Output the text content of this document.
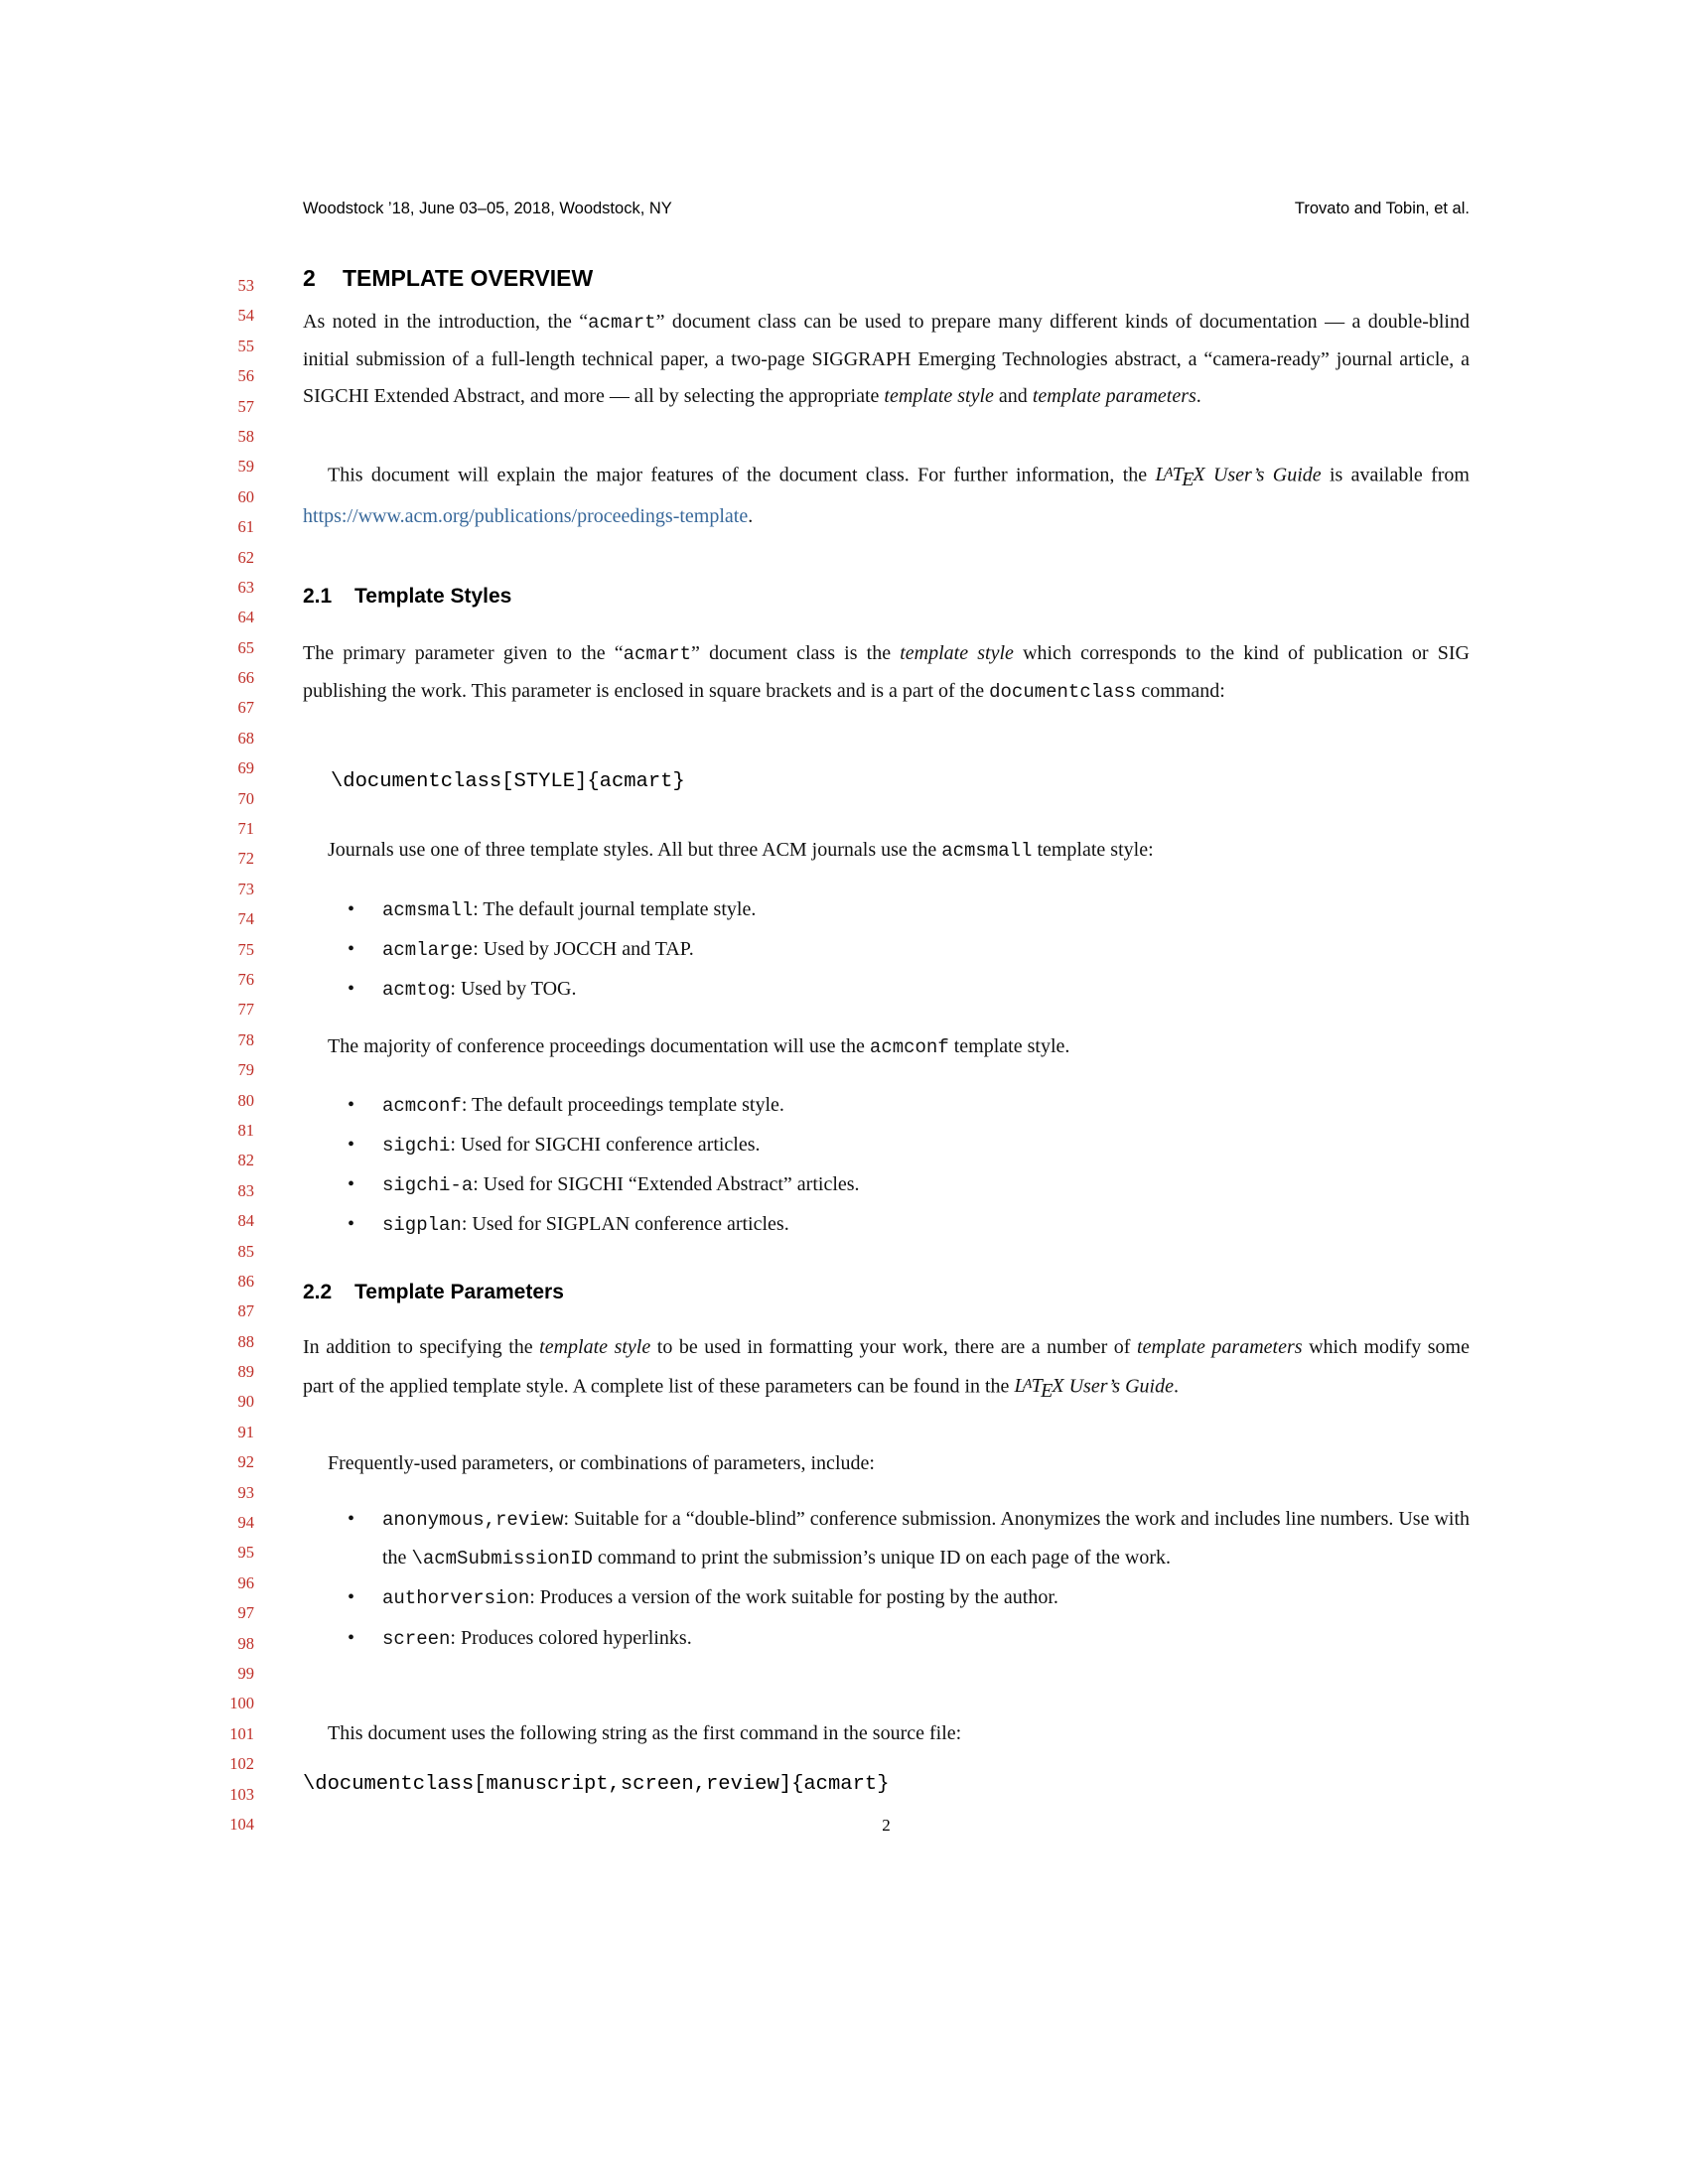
Woodstock ’18, June 03–05, 2018, Woodstock, NY	Trovato and Tobin, et al.
53
54
55
56
57
58
59
60
61
62
63
64
65
66
67
68
69
70
71
72
73
74
75
76
77
78
79
80
81
82
83
84
85
86
87
88
89
90
91
92
93
94
95
96
97
98
99
100
101
102
103
104
2 TEMPLATE OVERVIEW

As noted in the introduction, the “acmart” document class can be used to prepare many different kinds of documentation — a double-blind initial submission of a full-length technical paper, a two-page SIGGRAPH Emerging Technologies abstract, a “camera-ready” journal article, a SIGCHI Extended Abstract, and more — all by selecting the appropriate template style and template parameters.

This document will explain the major features of the document class. For further information, the $L^ATEX$ User’s Guide is available from https://www.acm.org/publications/proceedings-template.

2.1 Template Styles

The primary parameter given to the “acmart” document class is the template style which corresponds to the kind of publication or SIG publishing the work. This parameter is enclosed in square brackets and is a part of the documentclass command:

\documentclass[STYLE]{acmart}

Journals use one of three template styles. All but three ACM journals use the acmsmall template style:

• acmsmall: The default journal template style.
• acmlarge: Used by JOCCH and TAP.
• acmtog: Used by TOG.

The majority of conference proceedings documentation will use the acmconf template style.

• acmconf: The default proceedings template style.
• sigchi: Used for SIGCHI conference articles.
• sigchi-a: Used for SIGCHI “Extended Abstract” articles.
• sigplan: Used for SIGPLAN conference articles.
2.2 Template Parameters

In addition to specifying the template style to be used in formatting your work, there are a number of template parameters which modify some part of the applied template style. A complete list of these parameters can be found in the $L^ATEX$ User’s Guide.

Frequently-used parameters, or combinations of parameters, include:

• anonymous,review: Suitable for a “double-blind” conference submission. Anonymizes the work and includes line numbers. Use with the \acmSubmissionID command to print the submission’s unique ID on each page of the work.
• authorversion: Produces a version of the work suitable for posting by the author.
• screen: Produces colored hyperlinks.

This document uses the following string as the first command in the source file:

\documentclass[manuscript,screen,review]{acmart}
2
